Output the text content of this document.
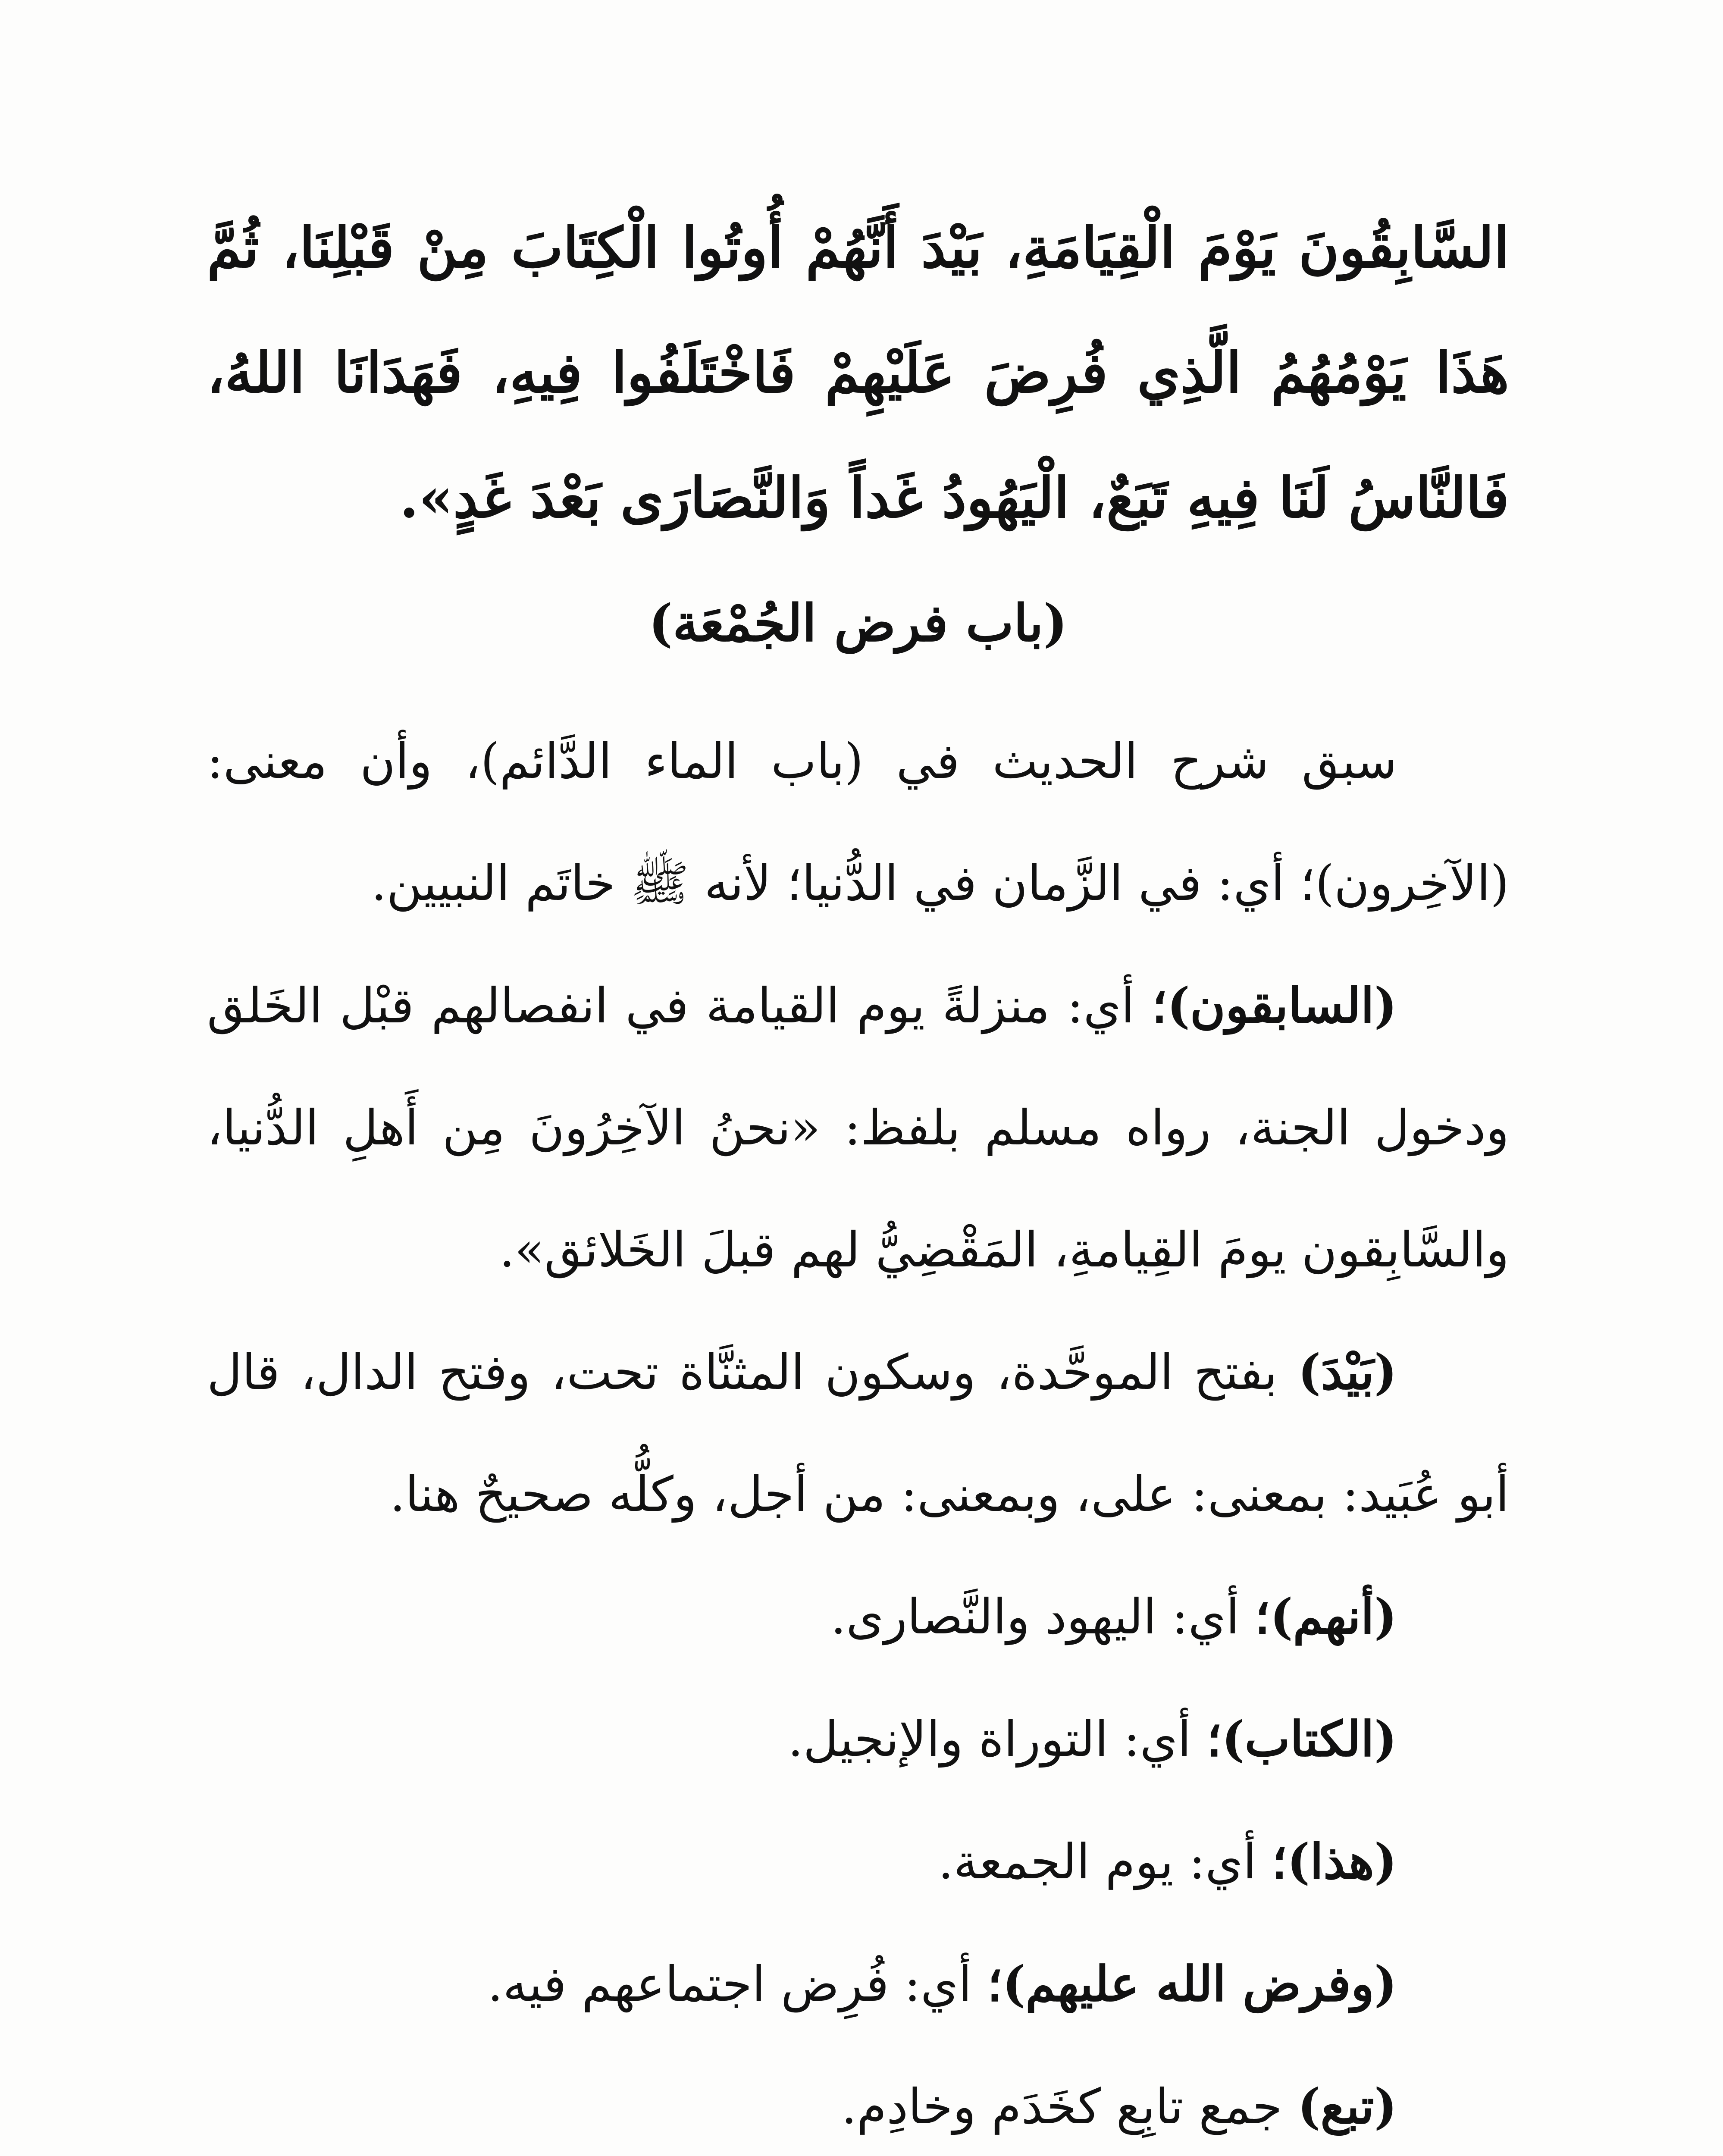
السَّابِقُونَ يَوْمَ الْقِيَامَةِ، بَيْدَ أَنَّهُمْ أُوتُوا الْكِتَابَ مِنْ قَبْلِنَا، ثُمَّ هَذَا يَوْمُهُمُ الَّذِي فُرِضَ عَلَيْهِمْ فَاخْتَلَفُوا فِيهِ، فَهَدَانَا اللهُ، فَالنَّاسُ لَنَا فِيهِ تَبَعٌ، الْيَهُودُ غَداً وَالنَّصَارَى بَعْدَ غَدٍ».

(باب فرض الجُمْعَة)

سبق شرح الحديث في (باب الماء الدَّائم)، وأن معنى: (الآخِرون)؛ أي: في الزَّمان في الدُّنيا؛ لأنه ﷺ خاتَم النبيين.

(السابقون)؛ أي: منزلةً يوم القيامة في انفصالهم قبْل الخَلق ودخول الجنة، رواه مسلم بلفظ: «نحنُ الآخِرُونَ مِن أَهلِ الدُّنيا، والسَّابِقون يومَ القِيامةِ، المَقْضِيُّ لهم قبلَ الخَلائق».

(بَيْدَ) بفتح الموحَّدة، وسكون المثنَّاة تحت، وفتح الدال، قال أبو عُبَيد: بمعنى: على، وبمعنى: من أجل، وكلُّه صحيحٌ هنا.

(أنهم)؛ أي: اليهود والنَّصارى.

(الكتاب)؛ أي: التوراة والإنجيل.

(هذا)؛ أي: يوم الجمعة.

(وفرض الله عليهم)؛ أي: فُرِض اجتماعهم فيه.

(تبع) جمع تابِع كخَدَم وخادِم.
